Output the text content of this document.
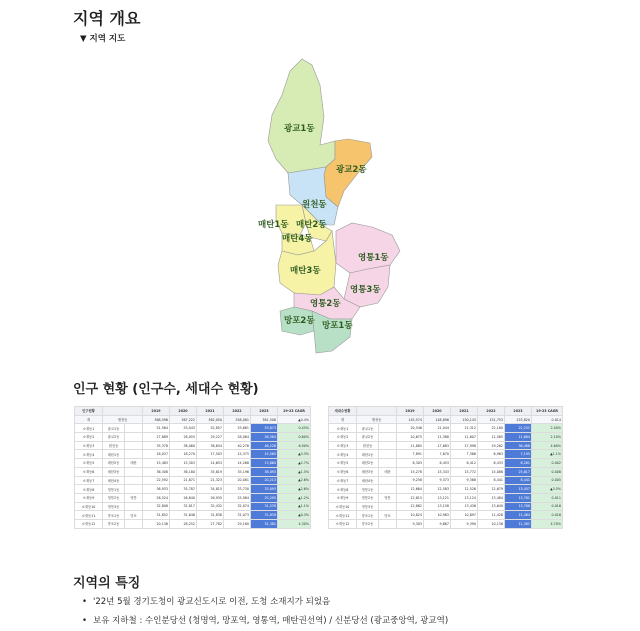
지역 개요
▼ 지역 지도
광교1동
광교2동
원천동
매탄1동 매탄2동
매탄4동
매탄3동
영통1동
영통3동
영통2동
망포2동 망포1동
인구 현황 (인구수, 세대수 현황)
인구현황			2019	2020	2021	2022	2023	19-23 CAGR
계	행정동		368,596	367,222	362,050	358,081	361,508	▲0.4%
소재동1	광교1동		51,564	53,043	52,857	53,681	53,873	0.45%
소재동2	광교2동		27,889	28,055	29,227	28,084	28,584	0.60%
소재동3	원천동		35,378	38,060	38,634	40,276	46,228	6.90%
소재동4	매탄1동		18,037	18,270	17,503	15,375	15,565	▲3.3%
소재동5	매탄2동	매탄	15,483	15,303	14,653	14,268	13,864	▲2.7%
소재동6	매탄3동		36,308	36,180	35,819	35,196	38,893	▲1.5%
소재동7	매탄4동		22,592	21,871	21,323	20,081	20,213	▲2.6%
소재동8	영통1동		36,933	35,787	34,815	33,730	33,093	▲2.6%
소재동9	영통2동	영통	26,524	26,640	26,935	25,984	25,295	▲1.2%
소재동10	영통3동		32,808	32,817	32,432	32,074	31,539	▲1.1%
소재동11	망포1동	망포	31,852	31,646	31,838	31,073	31,839	▲0.3%
소재동12	망포2동		20,136	28,252	27,782	29,180	31,381	4.30%
세대수현황			2019	2020	2021	2022	2023	19-23 CAGR
계	행정동		145,574	148,896	150,143	151,753	153,820	0.014
소재동1	광교1동		20,546	21,044	21,312	22,180	22,231	2.40%
소재동2	광교2동		10,675	11,388	11,607	11,565	11,684	2.10%
소재동3	원천동		11,885	17,683	17,998	19,262	38,486	4.60%
소재동4	매탄1동		7,891	7,670	7,386	6,963	7,195	▲1.1%
소재동5	매탄2동		6,303	6,453	6,412	6,433	6,261	0.002
소재동6	매탄3동	매탄	15,278	15,343	15,772	15,088	25,617	0.008
소재동7	매탄4동		9,258	9,373	9,368	8,441	8,441	0.005
소재동8	영통1동		12,664	12,583	12,526	12,679	13,457	▲3.5%
소재동9	영통2동	영통	12,815	13,121	13,124	13,484	13,781	0.011
소재동10	영통3동		12,862	13,158	13,436	13,649	13,788	0.016
소재동11	망포1동	망포	10,824	10,983	10,897	11,426	11,464	0.016
소재동12	망포2동		9,303	9,667	9,390	10,136	11,381	4.70%
지역의 특징
• '22년 5월 경기도청이 광교신도시로 이전, 도청 소재지가 되었음
• 보유 지하철 : 수인분당선 (청명역, 망포역, 영통역, 매탄권선역) / 신분당선 (광교중앙역, 광교역)
